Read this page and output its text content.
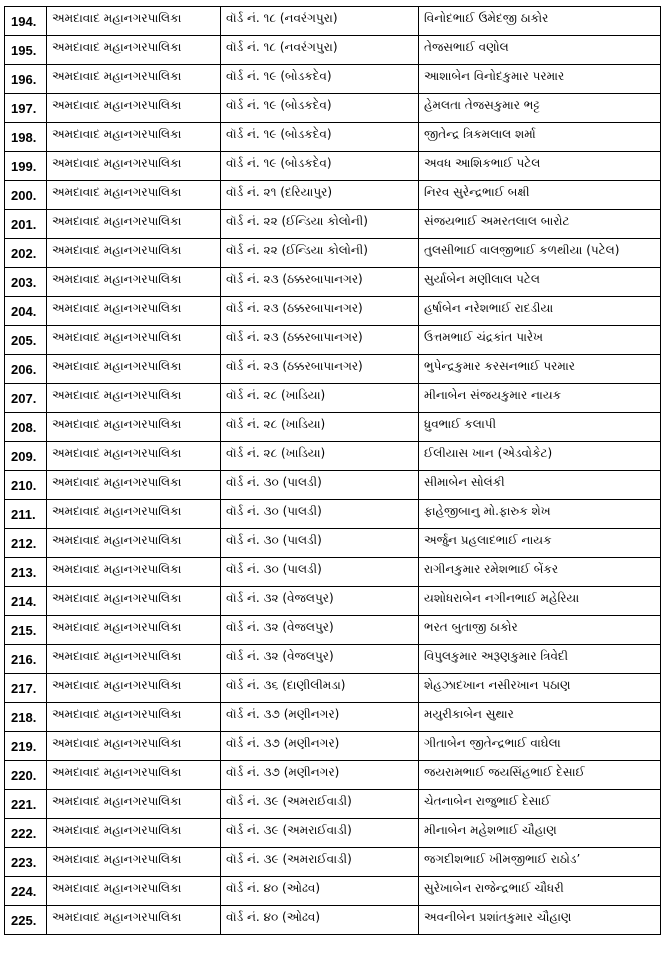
194.	અમદાવાદ મહાનગરપાલિકા	વૉર્ડ નં. ૧૮ (નવરંગપુરા)	વિનોદભાઈ ઉમેદજી ઠાકોર
195.	અમદાવાદ મહાનગરપાલિકા	વૉર્ડ નં. ૧૮ (નવરંગપુરા)	તેજસભાઈ વણોલ
196.	અમદાવાદ મહાનગરપાલિકા	વૉર્ડ નં. ૧૯ (બોડકદેવ)	આશાબેન વિનોદકુમાર પરમાર
197.	અમદાવાદ મહાનગરપાલિકા	વૉર્ડ નં. ૧૯ (બોડકદેવ)	હેમલતા તેજસકુમાર ભટ્ટ
198.	અમદાવાદ મહાનગરપાલિકા	વૉર્ડ નં. ૧૯ (બોડકદેવ)	જીતેન્દ્ર ત્રિકમલાલ શર્મા
199.	અમદાવાદ મહાનગરપાલિકા	વૉર્ડ નં. ૧૯ (બોડકદેવ)	અવધ આશિકભાઈ પટેલ
200.	અમદાવાદ મહાનગરપાલિકા	વૉર્ડ નં. ૨૧ (દરિયાપુર)	નિરવ સુરેન્દ્રભાઈ બક્ષી
201.	અમદાવાદ મહાનગરપાલિકા	વૉર્ડ નં. ૨૨ (ઈન્ડિયા કોલોની)	સંજયભાઈ અમરતલાલ બારોટ
202.	અમદાવાદ મહાનગરપાલિકા	વૉર્ડ નં. ૨૨ (ઈન્ડિયા કોલોની)	તુલસીભાઈ વાલજીભાઈ કળથીયા (પટેલ)
203.	અમદાવાદ મહાનગરપાલિકા	વૉર્ડ નં. ૨૩ (ઠક્કરબાપાનગર)	સુર્યાબેન મણીલાલ પટેલ
204.	અમદાવાદ મહાનગરપાલિકા	વૉર્ડ નં. ૨૩ (ઠક્કરબાપાનગર)	હર્ષાબેન નરેશભાઈ રાદડીયા
205.	અમદાવાદ મહાનગરપાલિકા	વૉર્ડ નં. ૨૩ (ઠક્કરબાપાનગર)	ઉત્તમભાઈ ચંદ્રકાંત પારેખ
206.	અમદાવાદ મહાનગરપાલિકા	વૉર્ડ નં. ૨૩ (ઠક્કરબાપાનગર)	ભુપેન્દ્રકુમાર કરસનભાઈ પરમાર
207.	અમદાવાદ મહાનગરપાલિકા	વૉર્ડ નં. ૨૮ (ખાડિયા)	મીનાબેન સંજયકુમાર નાયક
208.	અમદાવાદ મહાનગરપાલિકા	વૉર્ડ નં. ૨૮ (ખાડિયા)	ધ્રુવભાઈ કલાપી
209.	અમદાવાદ મહાનગરપાલિકા	વૉર્ડ નં. ૨૮ (ખાડિયા)	ઈલીયાસ ખાન (એડવોકેટ)
210.	અમદાવાદ મહાનગરપાલિકા	વૉર્ડ નં. ૩૦ (પાલડી)	સીમાબેન સોલંકી
211.	અમદાવાદ મહાનગરપાલિકા	વૉર્ડ નં. ૩૦ (પાલડી)	ફાહેજીબાનુ મો.ફારુક શેખ
212.	અમદાવાદ મહાનગરપાલિકા	વૉર્ડ નં. ૩૦ (પાલડી)	અર્જુન પ્રહલાદભાઈ નાયક
213.	અમદાવાદ મહાનગરપાલિકા	વૉર્ડ નં. ૩૦ (પાલડી)	રાગીનકુમાર રમેશભાઈ બેંકર
214.	અમદાવાદ મહાનગરપાલિકા	વૉર્ડ નં. ૩૨ (વેજલપુર)	યશોધરાબેન નગીનભાઈ મહેરિયા
215.	અમદાવાદ મહાનગરપાલિકા	વૉર્ડ નં. ૩૨ (વેજલપુર)	ભરત બુતાજી ઠાકોર
216.	અમદાવાદ મહાનગરપાલિકા	વૉર્ડ નં. ૩૨ (વેજલપુર)	વિપુલકુમાર અરૂણકુમાર ત્રિવેદી
217.	અમદાવાદ મહાનગરપાલિકા	વૉર્ડ નં. ૩૬ (દાણીલીમડા)	શેહઝાદખાન નસીરખાન પઠાણ
218.	અમદાવાદ મહાનગરપાલિકા	વૉર્ડ નં. ૩૭ (મણીનગર)	મયુરીકાબેન સુથાર
219.	અમદાવાદ મહાનગરપાલિકા	વૉર્ડ નં. ૩૭ (મણીનગર)	ગીતાબેન જીતેન્દ્રભાઈ વાઘેલા
220.	અમદાવાદ મહાનગરપાલિકા	વૉર્ડ નં. ૩૭ (મણીનગર)	જયરામભાઈ જયસિંહભાઈ દેસાઈ
221.	અમદાવાદ મહાનગરપાલિકા	વૉર્ડ નં. ૩૯ (અમરાઈવાડી)	ચેતનાબેન રાજુભાઈ દેસાઈ
222.	અમદાવાદ મહાનગરપાલિકા	વૉર્ડ નં. ૩૯ (અમરાઈવાડી)	મીનાબેન મહેશભાઈ ચૌહાણ
223.	અમદાવાદ મહાનગરપાલિકા	વૉર્ડ નં. ૩૯ (અમરાઈવાડી)	જગદીશભાઈ ખીમજીભાઈ રાઠોડ’
224.	અમદાવાદ મહાનગરપાલિકા	વૉર્ડ નં. ૪૦ (ઓઢવ)	સુરેખાબેન રાજેન્દ્રભાઈ ચૌધરી
225.	અમદાવાદ મહાનગરપાલિકા	વૉર્ડ નં. ૪૦ (ઓઢવ)	અવનીબેન પ્રશાંતકુમાર ચૌહાણ
